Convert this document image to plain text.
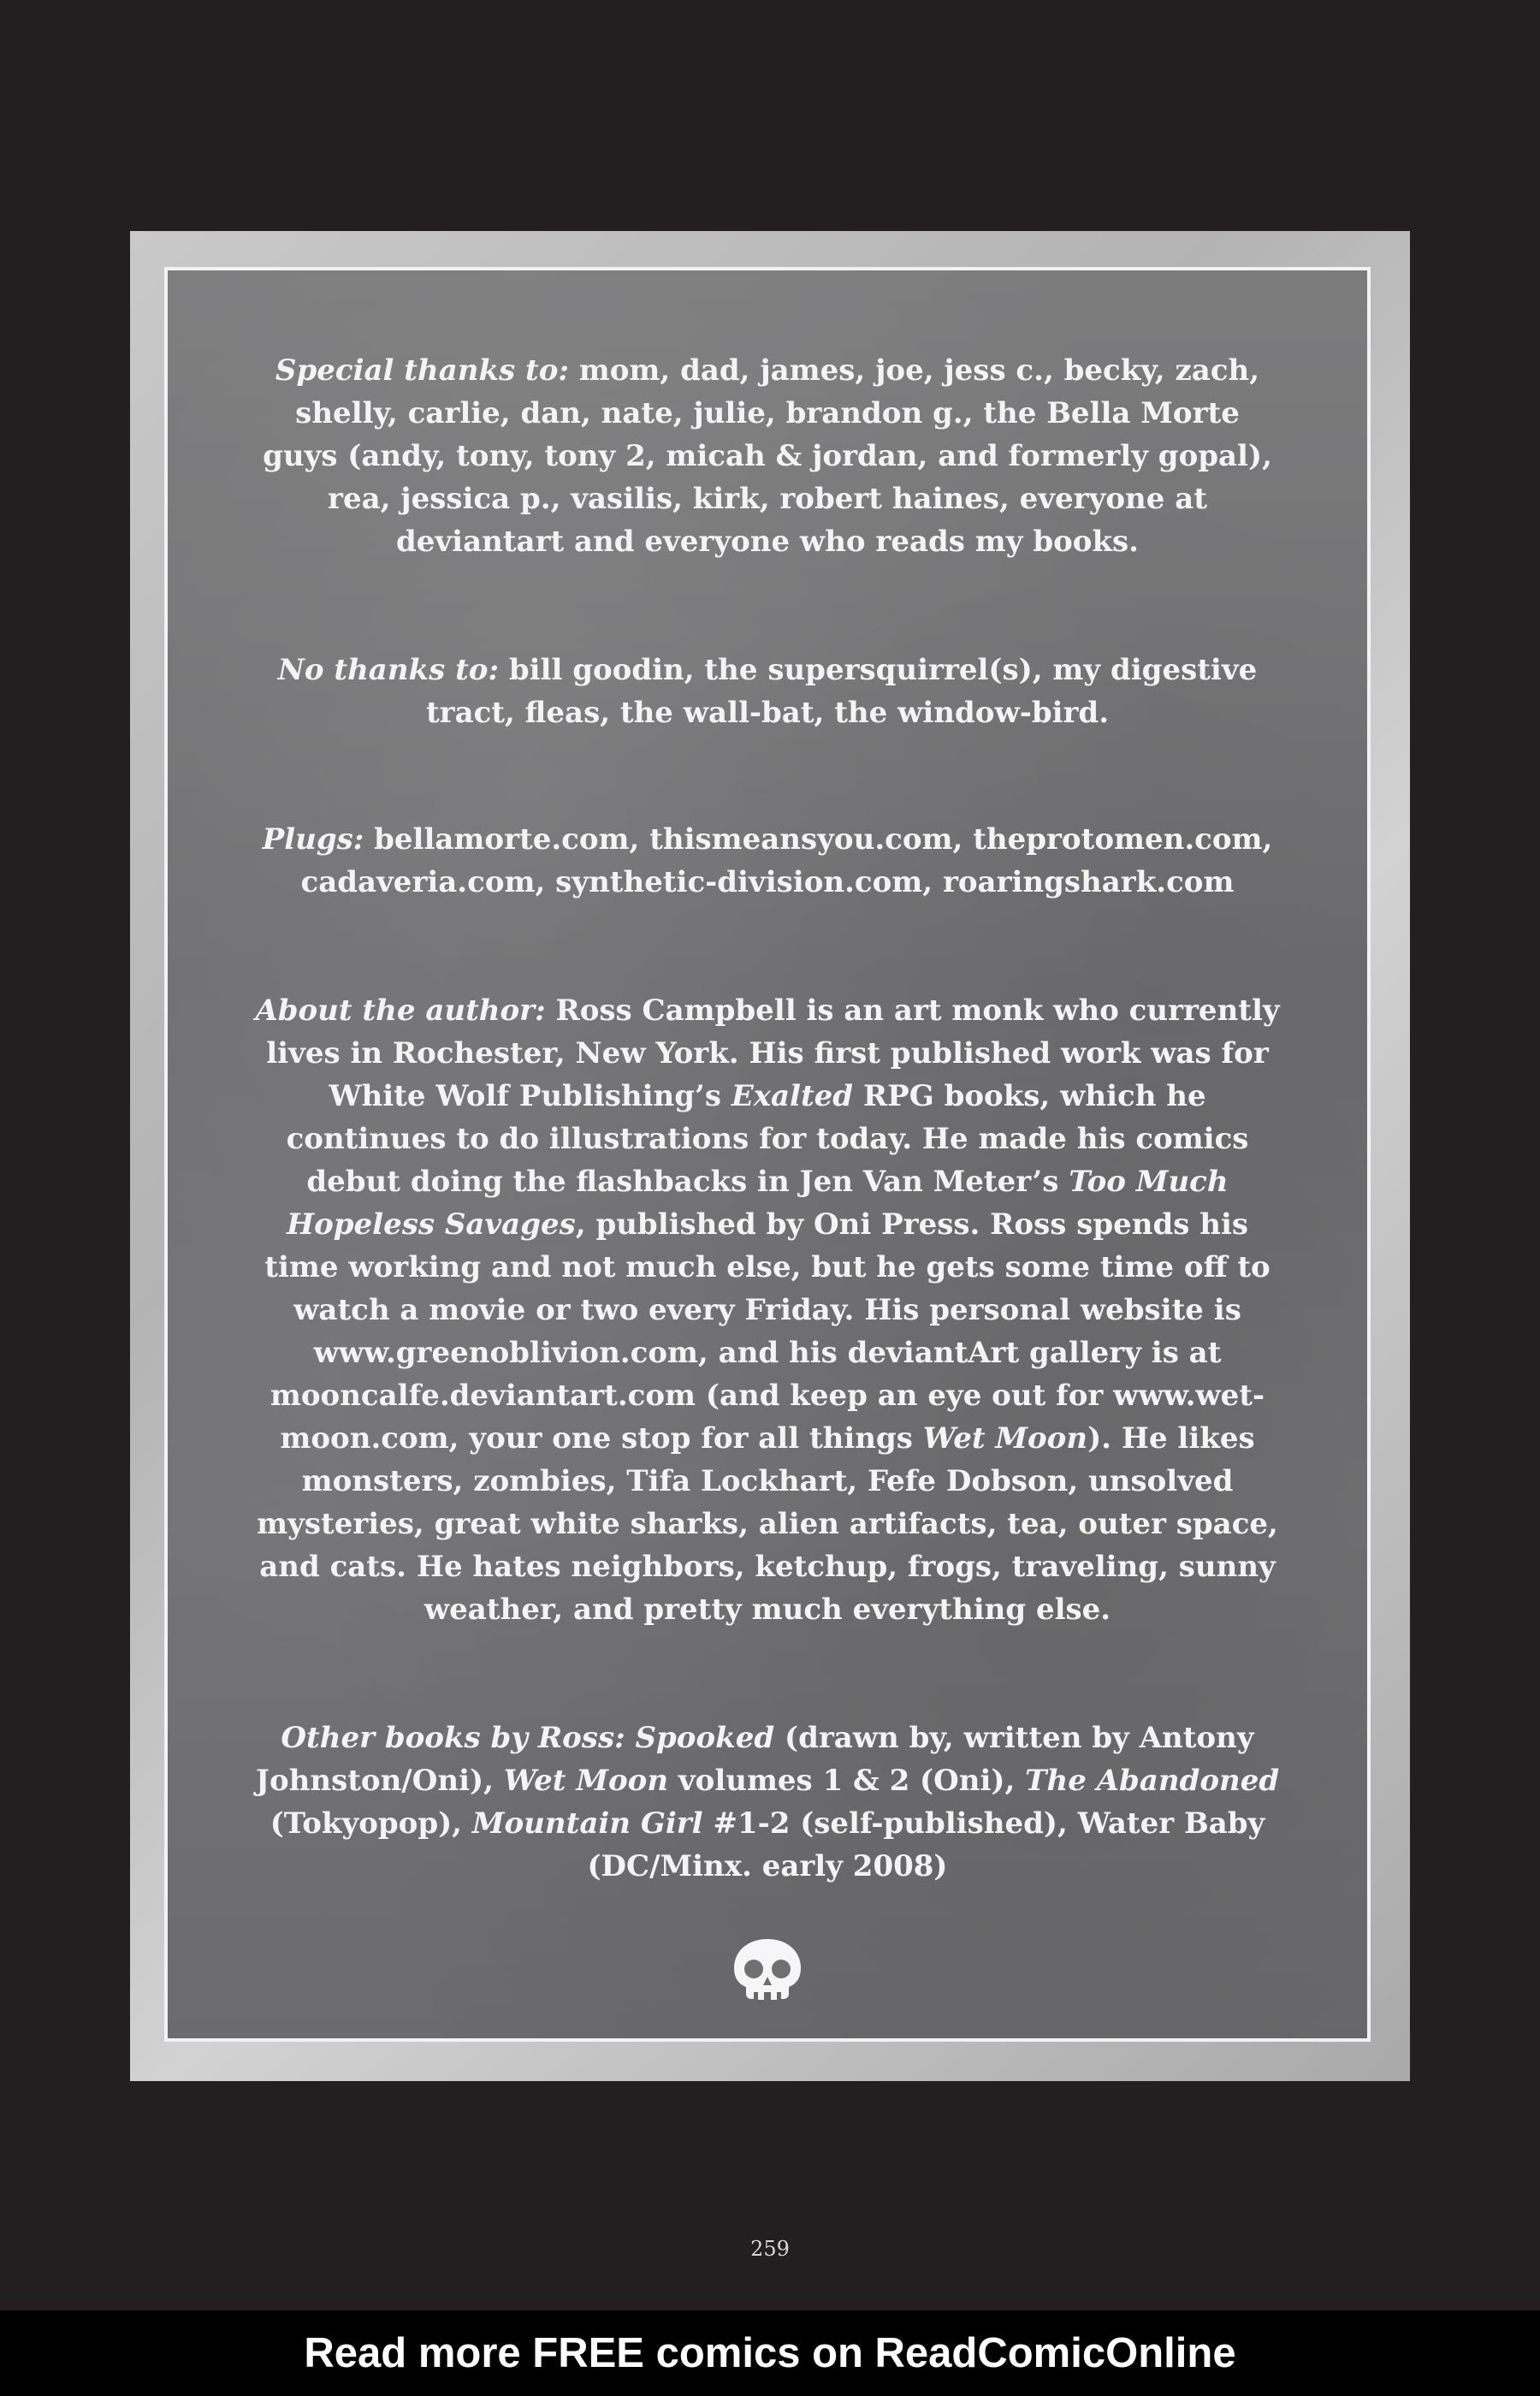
Special thanks to: mom, dad, james, joe, jess c., becky, zach, shelly, carlie, dan, nate, julie, brandon g., the Bella Morte guys (andy, tony, tony 2, micah & jordan, and formerly gopal), rea, jessica p., vasilis, kirk, robert haines, everyone at deviantart and everyone who reads my books.

No thanks to: bill goodin, the supersquirrel(s), my digestive tract, fleas, the wall-bat, the window-bird.

Plugs: bellamorte.com, thismeansyou.com, theprotomen.com, cadaveria.com, synthetic-division.com, roaringshark.com

About the author: Ross Campbell is an art monk who currently lives in Rochester, New York. His first published work was for White Wolf Publishing’s Exalted RPG books, which he continues to do illustrations for today. He made his comics debut doing the flashbacks in Jen Van Meter’s Too Much Hopeless Savages, published by Oni Press. Ross spends his time working and not much else, but he gets some time off to watch a movie or two every Friday. His personal website is www.greenoblivion.com, and his deviantArt gallery is at mooncalfe.deviantart.com (and keep an eye out for www.wet-moon.com, your one stop for all things Wet Moon). He likes monsters, zombies, Tifa Lockhart, Fefe Dobson, unsolved mysteries, great white sharks, alien artifacts, tea, outer space, and cats. He hates neighbors, ketchup, frogs, traveling, sunny weather, and pretty much everything else.

Other books by Ross: Spooked (drawn by, written by Antony Johnston/Oni), Wet Moon volumes 1 & 2 (Oni), The Abandoned (Tokyopop), Mountain Girl #1-2 (self-published), Water Baby (DC/Minx. early 2008)

259
Read more FREE comics on ReadComicOnline
